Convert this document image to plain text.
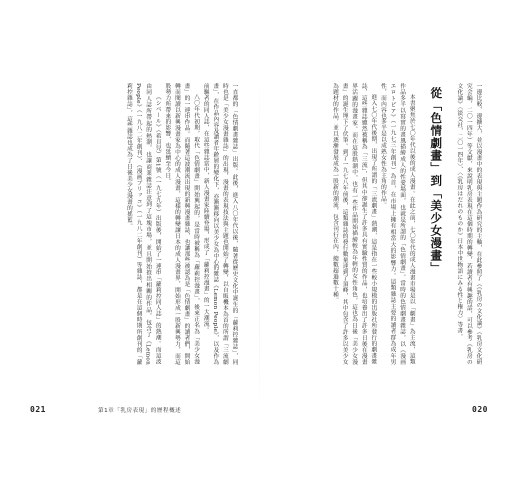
一直都的「色情劇畫雜誌」出版。此後，進入八〇年代以後，隨著從歷史文化中誕生的「蘿莉控雜誌」，同時也是「美少女漫畫雜誌」的出現，漫畫的表現技法與主題也開始了轉變，以自販機本為首的所謂「三流劇畫」，在作品內容及讀者年齡層的變化下，亦漸漸移向以美少女為中心的雜誌《Lemon People》，以及作為前驅者的同人誌，在這些雜誌當中，新人漫畫家陸續登場，形成了「蘿莉控漫畫」的一大潮流。
八〇年代初期，取代「色情劇畫」開始興起的，是當時被稱為「蘿莉控漫畫」，後來正名為「美少女漫畫」的一連串作品。而隨著這波潮流出現的新興漫畫雜誌，也讓那些被認為是「色情劇畫」的讀者們，開始轉而閱讀以新興漫畫家為中心的成人漫畫，這樣的轉變讓日本的成人漫畫界，開始形成一股新興勢力，而這股勢力所帶來的影響，也延續至今日。
《シベール》（希貝兒）第1號（一九七九年）出版後，開始了一連串「蘿莉控同人誌」的熱潮。而這波由同人誌所帶起的熱潮，也讓商業雜誌注意到了這塊市場，並且開始推出相關的作品，包含了《Lemon People》（一九八二年創刊）、《漫画ブリッコ》（一九八二年創刊）等雜誌，都是在這個時期所創刊的「蘿莉控雜誌」，這些雜誌也成為了日後美少女漫畫的搖籃。
021	第1章「乳房表現」的歷程概述
一邊比較、邊擴大，並以漫畫中的表現與主題作為研究的主軸，在此參照了（《乳房の文化論》（乳房文化研究会編，二〇一四年）等文獻，來說明乳房表現在這個時期的轉變，若讀者有興趣的話，可以參考《乳房の文化論》〈淡交社，二〇一四年〉、〈《乳房はだれのものか》日本中世物語にみる性と権力〉等書。
從「色情劇畫」到「美少女漫畫」
本書聚焦於七〇年代以後的成人漫畫。在此之前，七〇年代的成人漫畫市場是以「劇畫」為主流，這類作品多半以寫實的畫風描繪成人的性愛場面，也就是所謂的「色情劇畫」。當時的色情劇畫雜誌，以《漫画エロトピア》（一九七三年創刊）為首，在市場上擁有相當大的影響力。這類雜誌主要的讀者群為成年男性，而內容也多半是以成熟女性為主角的作品。
進入七〇年代後期，出現了所謂的「三流劇畫」熱潮，這是指在一些較小規模的出版社所發行的劇畫雜誌，這些雜誌雖然被稱為「三流」，但其中卻誕生了許多具有實驗性質的作品，也培養出了許多日後在漫畫界活躍的漫畫家。而在這股熱潮中，也有一些作品開始描繪較為年輕的女性角色，這也為日後「美少女漫畫」的誕生埋下了伏筆。到了一九七八年前後，這類雜誌的發行數量達到了頂峰，其中包含了許多以美少女為題材的作品，並且逐漸發展成為一股新的潮流，包含刊行在內，總數超過數十種。
020
